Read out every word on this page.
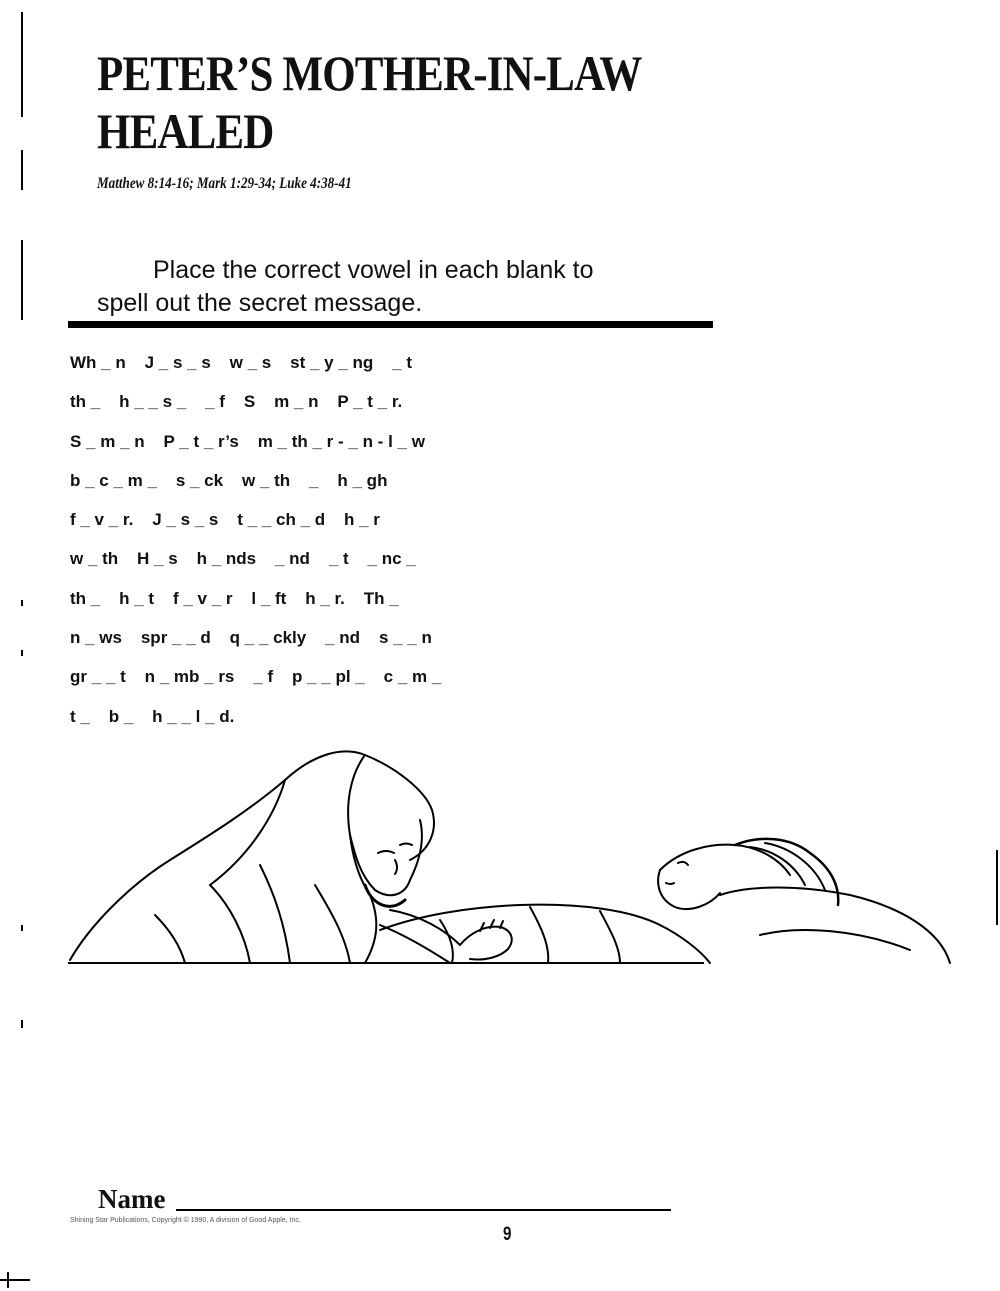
PETER’S MOTHER-IN-LAW
HEALED
Matthew 8:14-16; Mark 1:29-34; Luke 4:38-41

Place the correct vowel in each blank to
spell out the secret message.

Wh _ n    J _ s _ s    w _ s    st _ y _ ng    _ t
th _    h _ _ s _    _ f    S    m _ n    P _ t _ r.
S _ m _ n    P _ t _ r’s    m _ th _ r - _ n - l _ w
b _ c _ m _    s _ ck    w _ th    _    h _ gh
f _ v _ r.    J _ s _ s    t _ _ ch _ d    h _ r
w _ th    H _ s    h _ nds    _ nd    _ t    _ nc _
th _    h _ t    f _ v _ r    l _ ft    h _ r.    Th _
n _ ws    spr _ _ d    q _ _ ckly    _ nd    s _ _ n
gr _ _ t    n _ mb _ rs    _ f    p _ _ pl _    c _ m _
t _    b _    h _ _ l _ d.
Name
Shining Star Publications, Copyright © 1990, A division of Good Apple, Inc.
9
